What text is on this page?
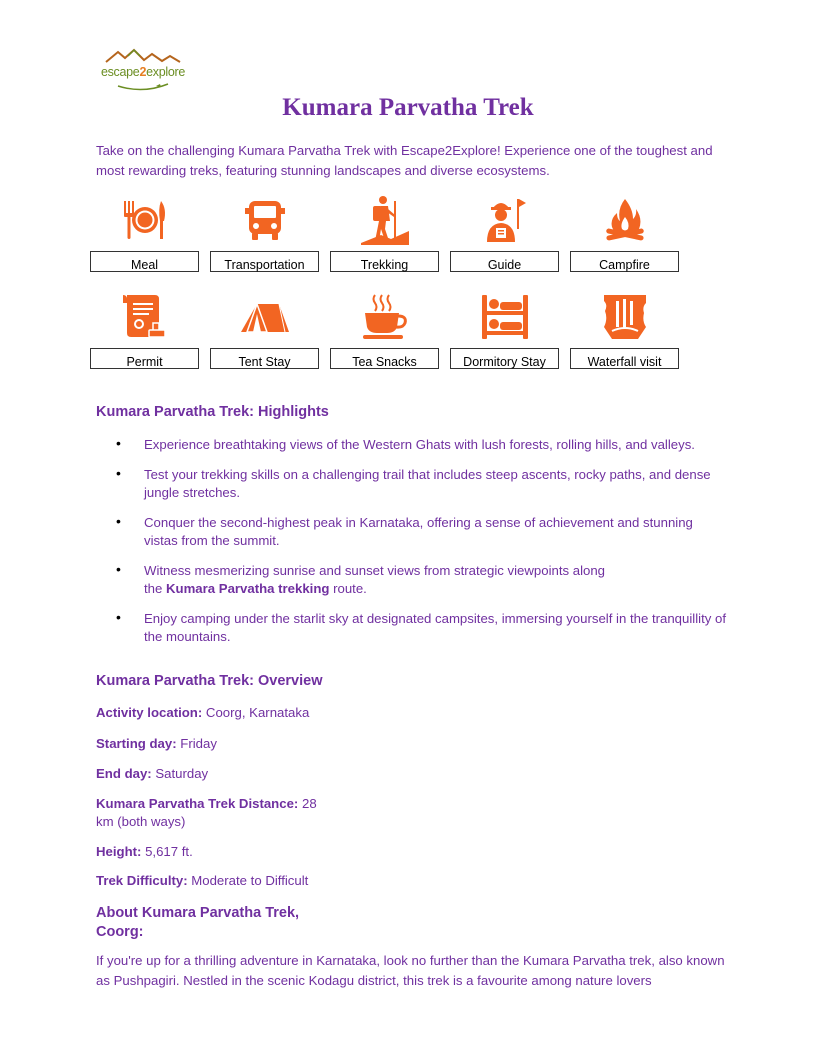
escape2explore
Kumara Parvatha Trek

Take on the challenging Kumara Parvatha Trek with Escape2Explore! Experience one of the toughest and most rewarding treks, featuring stunning landscapes and diverse ecosystems.

Meal	Transportation	Trekking	Guide	Campfire
Permit	Tent Stay	Tea Snacks	Dormitory Stay	Waterfall visit
Kumara Parvatha Trek: Highlights
• Experience breathtaking views of the Western Ghats with lush forests, rolling hills, and valleys.
• Test your trekking skills on a challenging trail that includes steep ascents, rocky paths, and dense jungle stretches.
• Conquer the second-highest peak in Karnataka, offering a sense of achievement and stunning vistas from the summit.
• Witness mesmerizing sunrise and sunset views from strategic viewpoints along
the Kumara Parvatha trekking route.
• Enjoy camping under the starlit sky at designated campsites, immersing yourself in the tranquillity of the mountains.
Kumara Parvatha Trek: Overview

Activity location: Coorg, Karnataka

Starting day: Friday

End day: Saturday

Kumara Parvatha Trek Distance: 28
km (both ways)

Height: 5,617 ft.

Trek Difficulty: Moderate to Difficult

About Kumara Parvatha Trek,
Coorg:

If you're up for a thrilling adventure in Karnataka, look no further than the Kumara Parvatha trek, also known as Pushpagiri. Nestled in the scenic Kodagu district, this trek is a favourite among nature lovers
